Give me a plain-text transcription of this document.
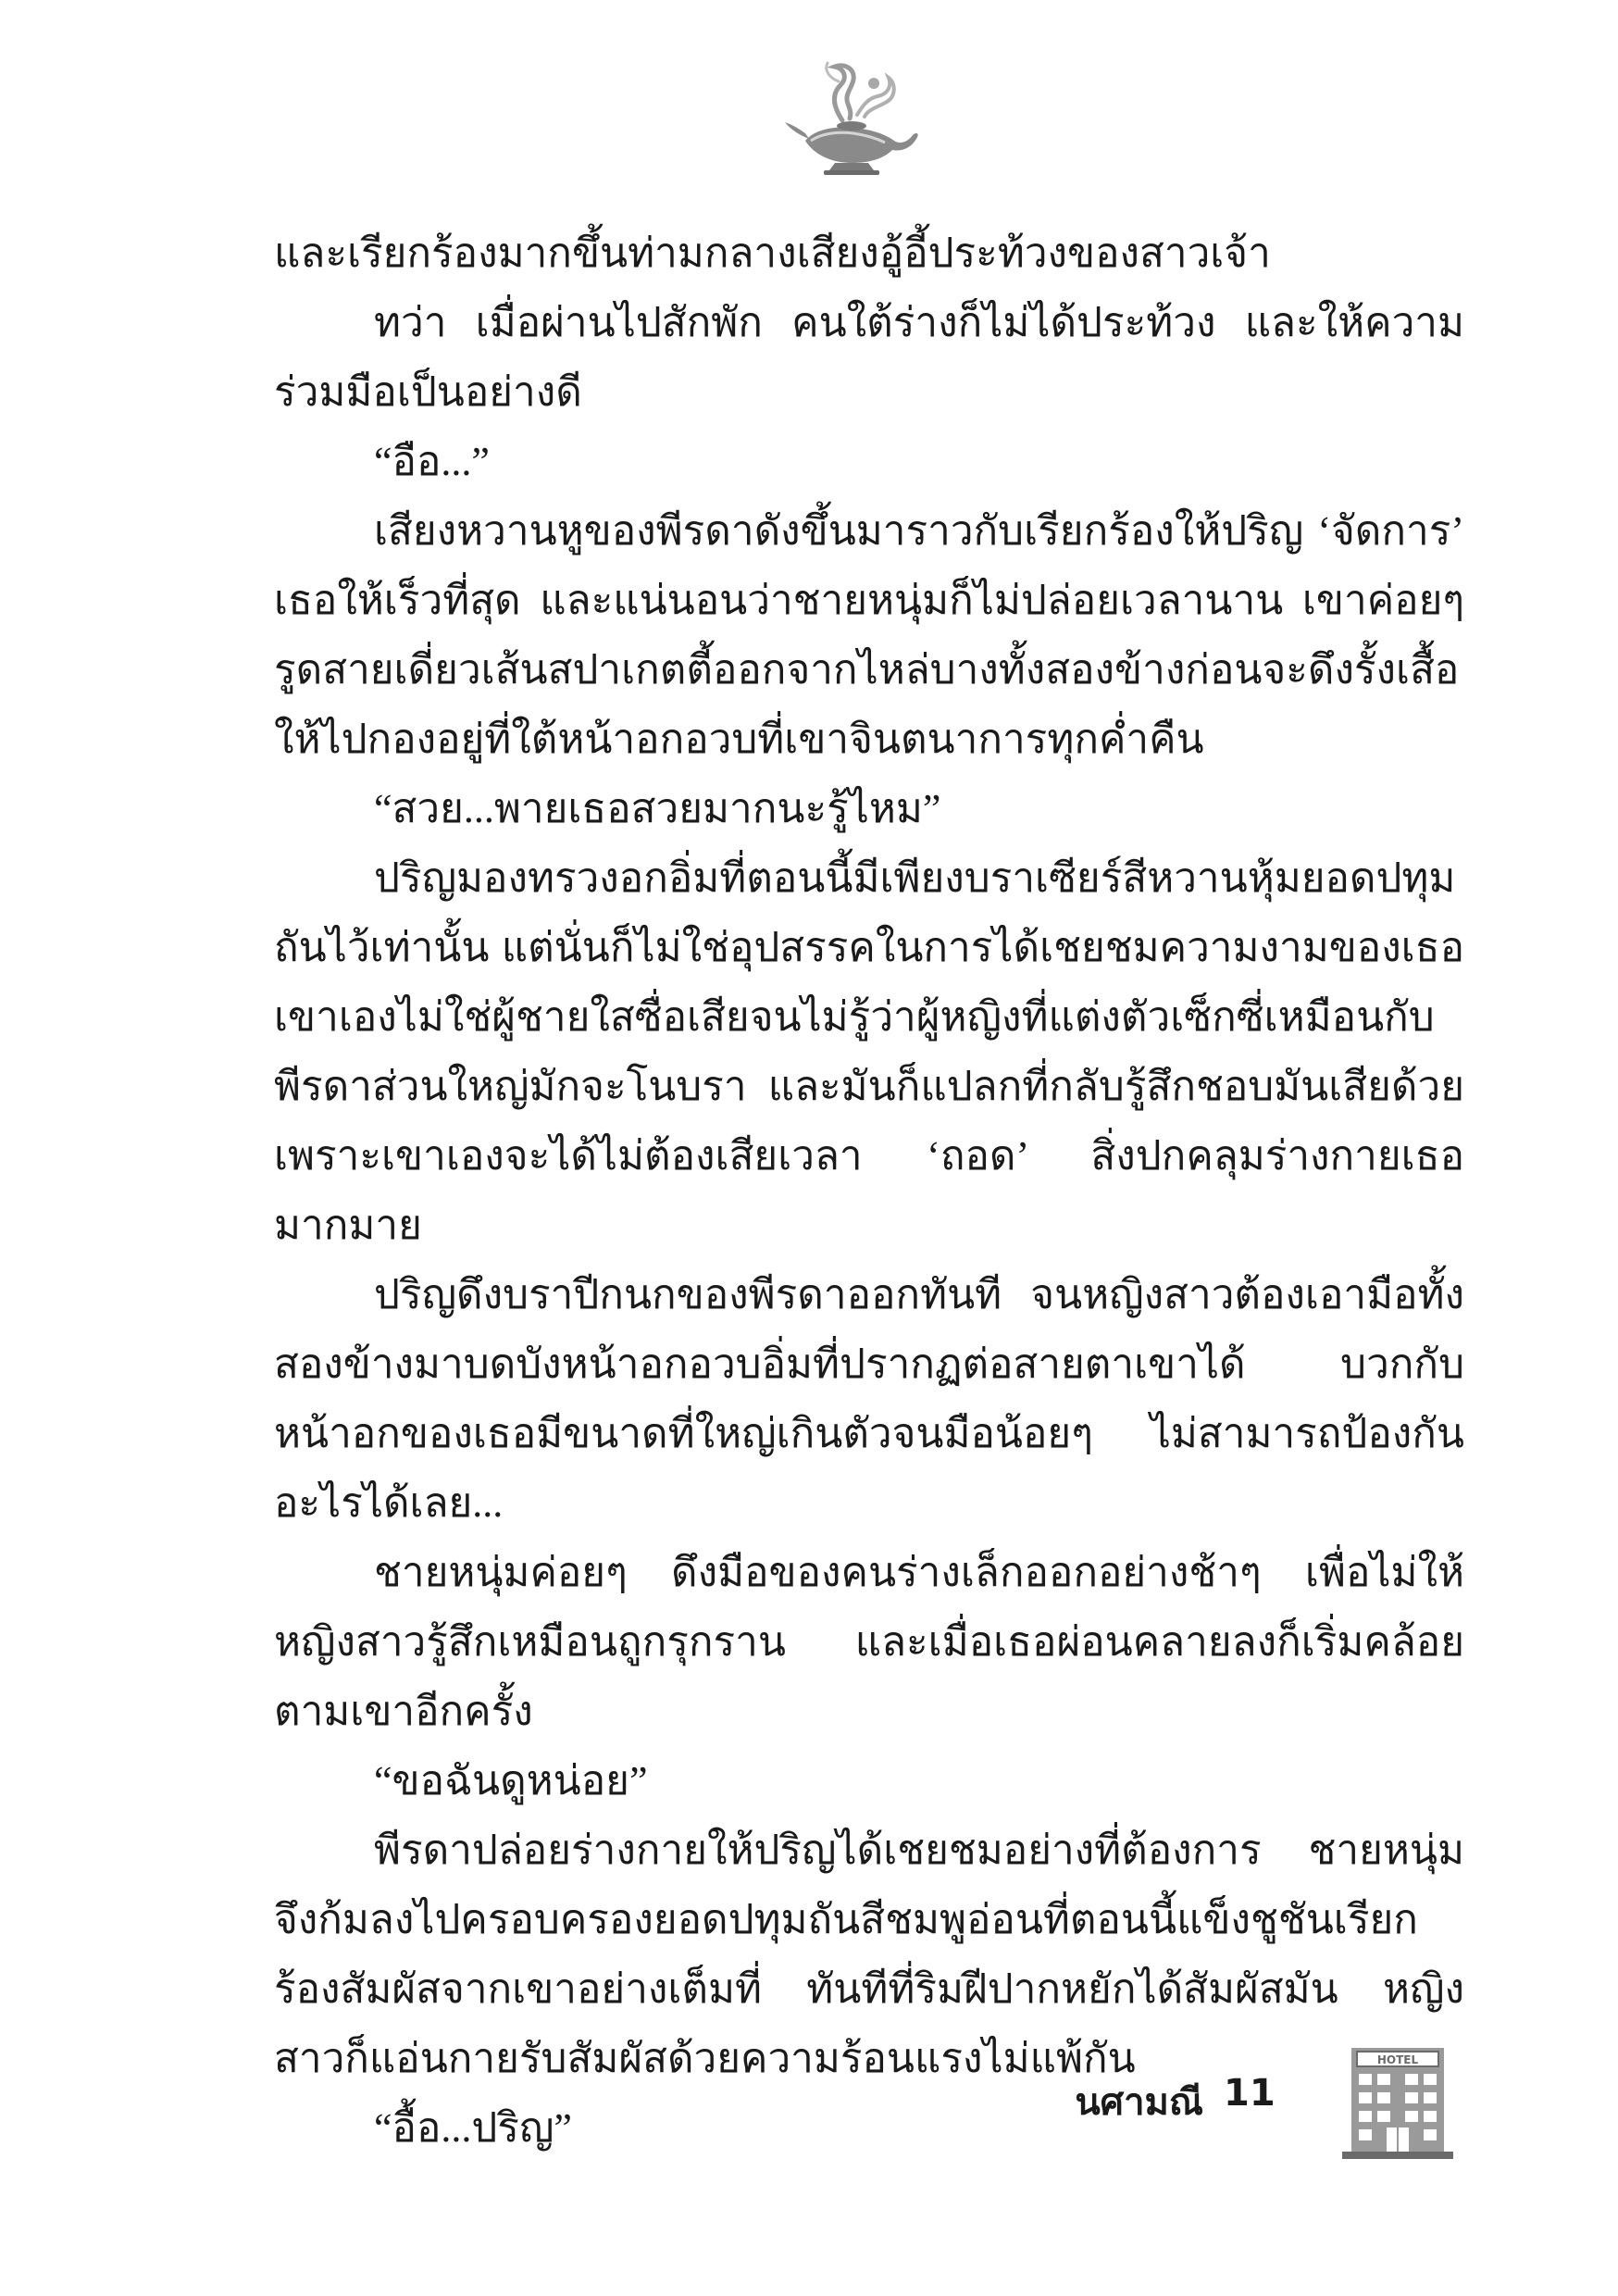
และเรียกร้องมากขึ้นท่ามกลางเสียงอู้อี้ประท้วงของสาวเจ้า

ทว่า เมื่อผ่านไปสักพัก คนใต้ร่างก็ไม่ได้ประท้วง และให้ความร่วมมือเป็นอย่างดี

“อือ...”

เสียงหวานหูของพีรดาดังขึ้นมาราวกับเรียกร้องให้ปริญ ‘จัดการ’ เธอให้เร็วที่สุด และแน่นอนว่าชายหนุ่มก็ไม่ปล่อยเวลานาน เขาค่อยๆ รูดสายเดี่ยวเส้นสปาเกตตี้ออกจากไหล่บางทั้งสองข้างก่อนจะดึงรั้งเสื้อให้ไปกองอยู่ที่ใต้หน้าอกอวบที่เขาจินตนาการทุกค่ำคืน

“สวย...พายเธอสวยมากนะรู้ไหม”

ปริญมองทรวงอกอิ่มที่ตอนนี้มีเพียงบราเซียร์สีหวานหุ้มยอดปทุมถันไว้เท่านั้น แต่นั่นก็ไม่ใช่อุปสรรคในการได้เชยชมความงามของเธอ เขาเองไม่ใช่ผู้ชายใสซื่อเสียจนไม่รู้ว่าผู้หญิงที่แต่งตัวเซ็กซี่เหมือนกับพีรดาส่วนใหญ่มักจะโนบรา และมันก็แปลกที่กลับรู้สึกชอบมันเสียด้วย เพราะเขาเองจะได้ไม่ต้องเสียเวลา ‘ถอด’ สิ่งปกคลุมร่างกายเธอมากมาย

ปริญดึงบราปีกนกของพีรดาออกทันที จนหญิงสาวต้องเอามือทั้งสองข้างมาบดบังหน้าอกอวบอิ่มที่ปรากฏต่อสายตาเขาได้ บวกกับหน้าอกของเธอมีขนาดที่ใหญ่เกินตัวจนมือน้อยๆ ไม่สามารถป้องกันอะไรได้เลย...

ชายหนุ่มค่อยๆ ดึงมือของคนร่างเล็กออกอย่างช้าๆ เพื่อไม่ให้หญิงสาวรู้สึกเหมือนถูกรุกราน และเมื่อเธอผ่อนคลายลงก็เริ่มคล้อยตามเขาอีกครั้ง

“ขอฉันดูหน่อย”

พีรดาปล่อยร่างกายให้ปริญได้เชยชมอย่างที่ต้องการ ชายหนุ่มจึงก้มลงไปครอบครองยอดปทุมถันสีชมพูอ่อนที่ตอนนี้แข็งชูชันเรียกร้องสัมผัสจากเขาอย่างเต็มที่ ทันทีที่ริมฝีปากหยักได้สัมผัสมัน หญิงสาวก็แอ่นกายรับสัมผัสด้วยความร้อนแรงไม่แพ้กัน

“อื้อ...ปริญ”

นศามณี 11
HOTEL
